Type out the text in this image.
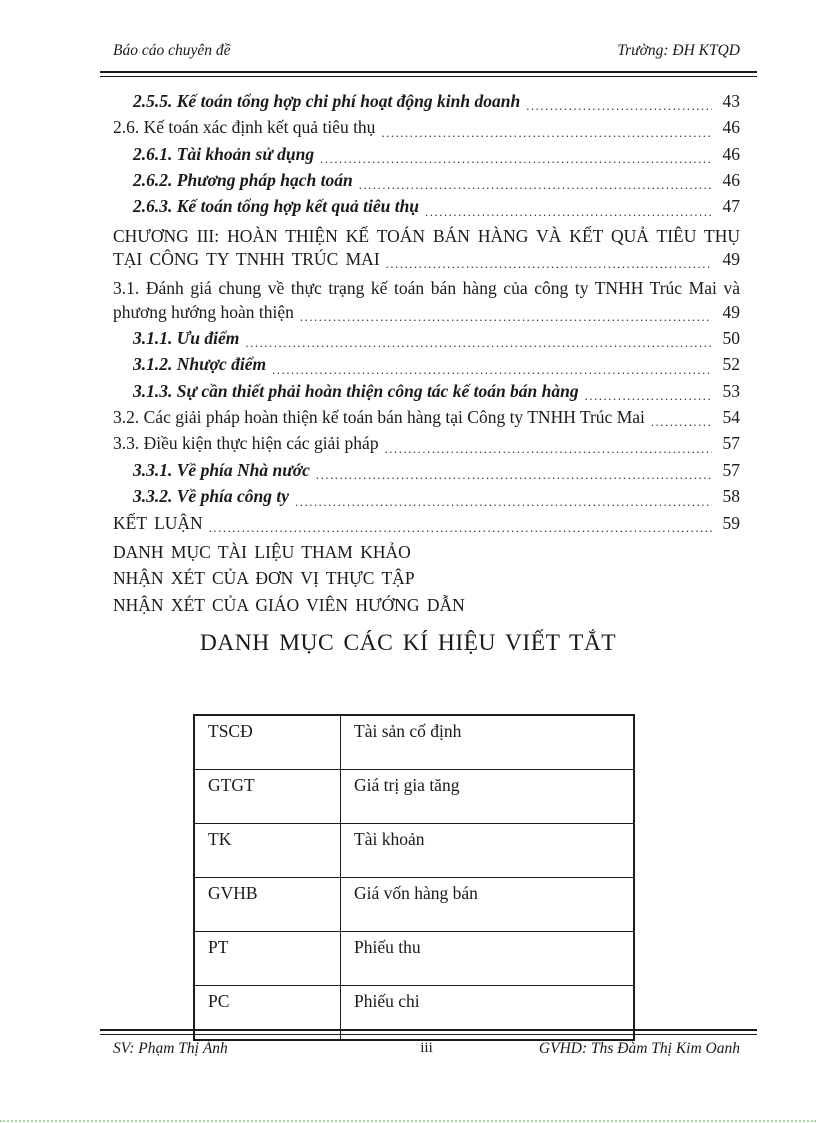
Báo cáo chuyên đề	Trường: ĐH KTQD
2.5.5. Kế toán tổng hợp chi phí hoạt động kinh doanh .....	43
2.6. Kế toán xác định kết quả tiêu thụ .....	46
2.6.1. Tài khoản sử dụng .....	46
2.6.2. Phương pháp hạch toán .....	46
2.6.3. Kế toán tổng hợp kết quả tiêu thụ .....	47
CHƯƠNG III: HOÀN THIỆN KẾ TOÁN BÁN HÀNG VÀ KẾT QUẢ TIÊU THỤ
TẠI CÔNG TY TNHH TRÚC MAI .....	49
3.1. Đánh giá chung về thực trạng kế toán bán hàng của công ty TNHH Trúc Mai và
phương hướng hoàn thiện .....	49
3.1.1. Ưu điểm .....	50
3.1.2. Nhược điểm .....	52
3.1.3. Sự cần thiết phải hoàn thiện công tác kế toán bán hàng .....	53
3.2. Các giải pháp hoàn thiện kế toán bán hàng tại Công ty TNHH Trúc Mai .....	54
3.3. Điều kiện thực hiện các giải pháp .....	57
3.3.1. Về phía Nhà nước .....	57
3.3.2. Về phía công ty .....	58
KẾT LUẬN .....	59
DANH MỤC TÀI LIỆU THAM KHẢO
NHẬN XÉT CỦA ĐƠN VỊ THỰC TẬP
NHẬN XÉT CỦA GIÁO VIÊN HƯỚNG DẪN
DANH MỤC CÁC KÍ HIỆU VIẾT TẮT
TSCĐ	Tài sản cố định
GTGT	Giá trị gia tăng
TK	Tài khoản
GVHB	Giá vốn hàng bán
PT	Phiếu thu
PC	Phiếu chi
SV: Phạm Thị Ánh	iii	GVHD: Ths Đàm Thị Kim Oanh
